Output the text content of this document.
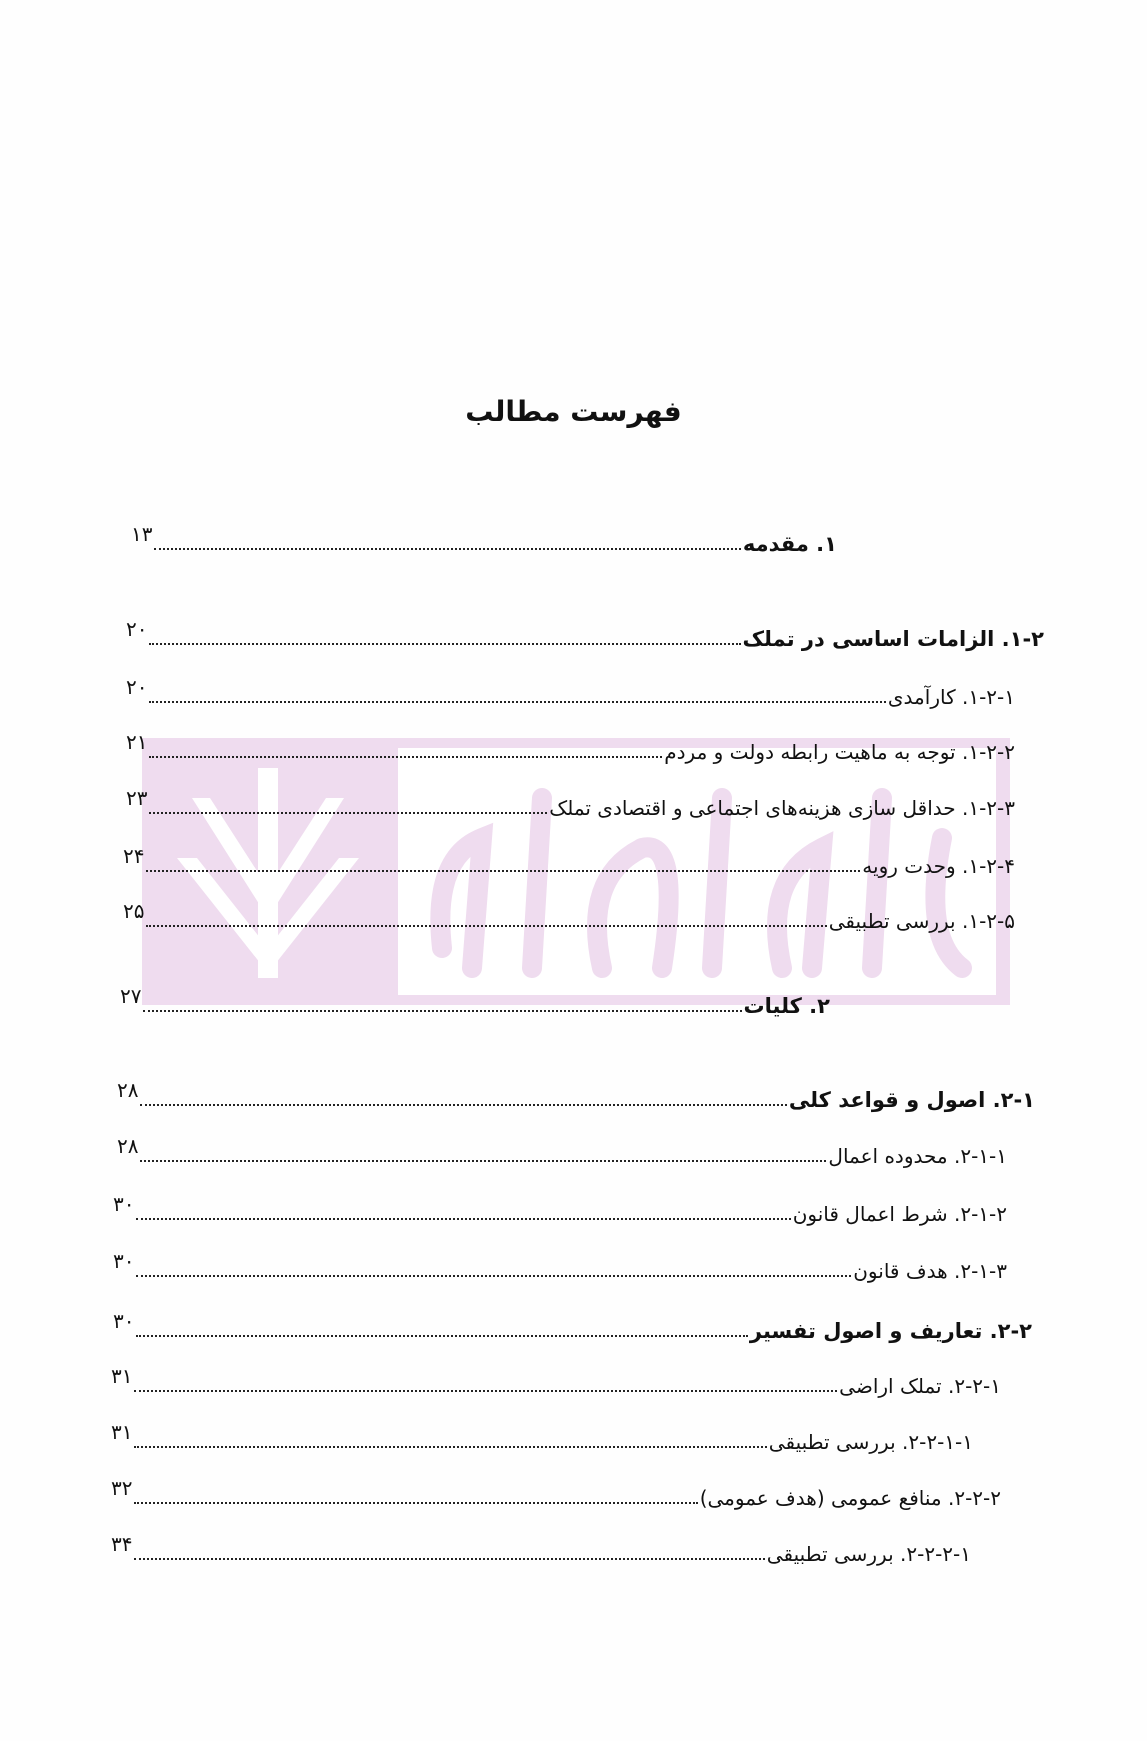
فهرست مطالب
۱. مقدمه
۱۳
۱-۲. الزامات اساسی در تملک
۲۰
۱-۲-۱. کارآمدی
۲۰
۱-۲-۲. توجه به ماهیت رابطه دولت و مردم
۲۱
۱-۲-۳. حداقل سازی هزینه‌های اجتماعی و اقتصادی تملک
۲۳
۱-۲-۴. وحدت رویه
۲۴
۱-۲-۵. بررسی تطبیقی
۲۵
۲. کلیات
۲۷
۲-۱. اصول و قواعد کلی
۲۸
۲-۱-۱. محدوده اعمال
۲۸
۲-۱-۲. شرط اعمال قانون
۳۰
۲-۱-۳. هدف قانون
۳۰
۲-۲. تعاریف و اصول تفسیر
۳۰
۲-۲-۱. تملک اراضی
۳۱
۲-۲-۱-۱. بررسی تطبیقی
۳۱
۲-۲-۲. منافع عمومی (هدف عمومی)
۳۲
۲-۲-۲-۱. بررسی تطبیقی
۳۴
